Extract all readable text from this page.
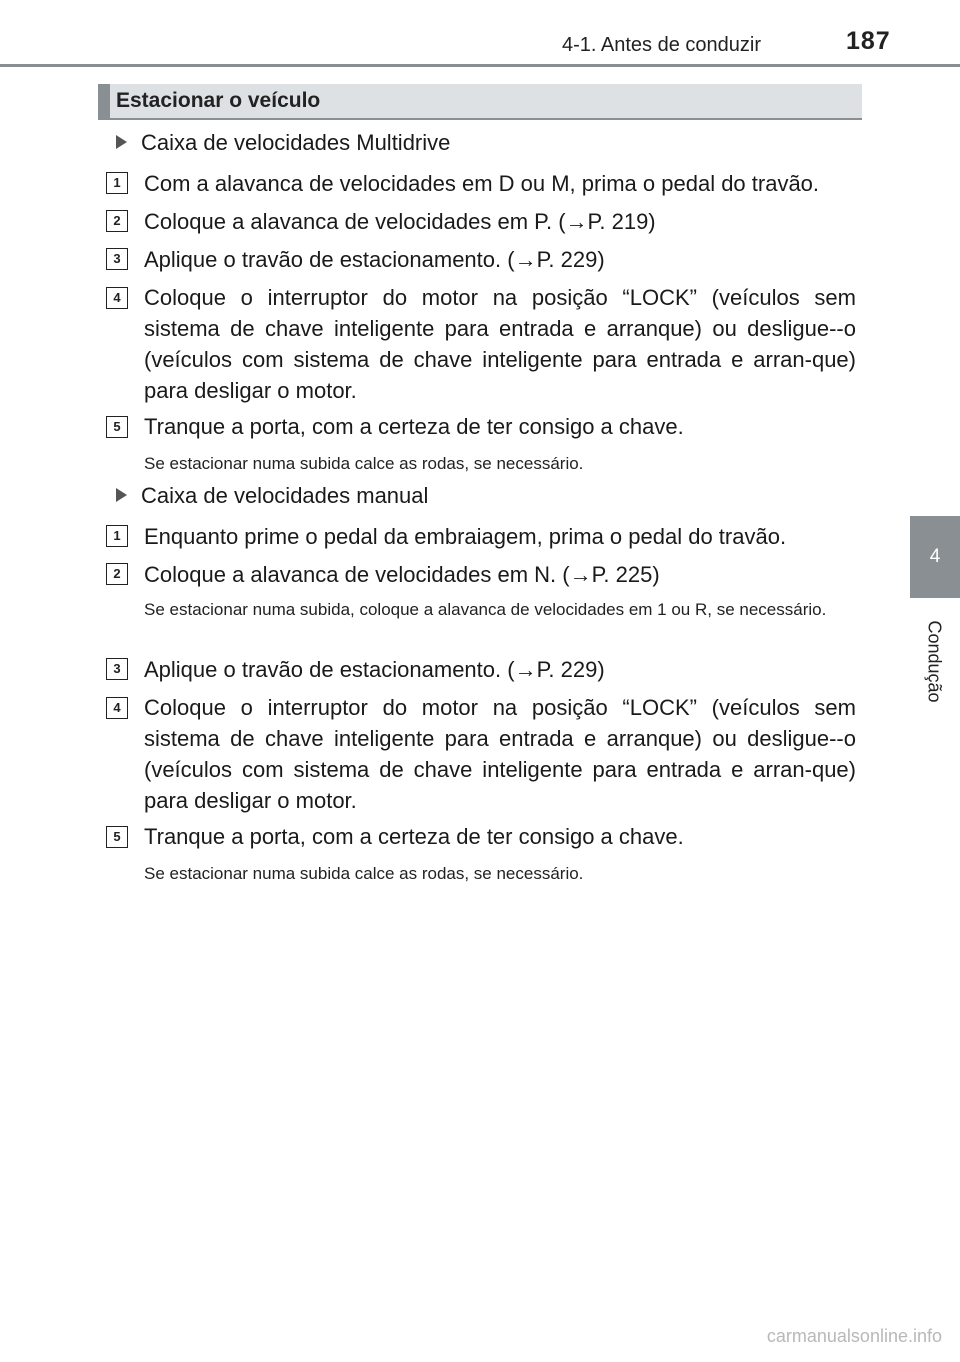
4-1. Antes de conduzir	187
4
Condução
Estacionar o veículo
Caixa de velocidades Multidrive
1	Com a alavanca de velocidades em D ou M, prima o pedal do travão.
2	Coloque a alavanca de velocidades em P. (→P. 219)
3	Aplique o travão de estacionamento. (→P. 229)
4	Coloque o interruptor do motor na posição “LOCK” (veículos sem sistema de chave inteligente para entrada e arranque) ou desligue--o (veículos com sistema de chave inteligente para entrada e arran-que) para desligar o motor.
5	Tranque a porta, com a certeza de ter consigo a chave.
Se estacionar numa subida calce as rodas, se necessário.
Caixa de velocidades manual
1	Enquanto prime o pedal da embraiagem, prima o pedal do travão.
2	Coloque a alavanca de velocidades em N. (→P. 225)
Se estacionar numa subida, coloque a alavanca de velocidades em 1 ou R, se necessário.
3	Aplique o travão de estacionamento. (→P. 229)
4	Coloque o interruptor do motor na posição “LOCK” (veículos sem sistema de chave inteligente para entrada e arranque) ou desligue--o (veículos com sistema de chave inteligente para entrada e arran-que) para desligar o motor.
5	Tranque a porta, com a certeza de ter consigo a chave.
Se estacionar numa subida calce as rodas, se necessário.
carmanualsonline.info
